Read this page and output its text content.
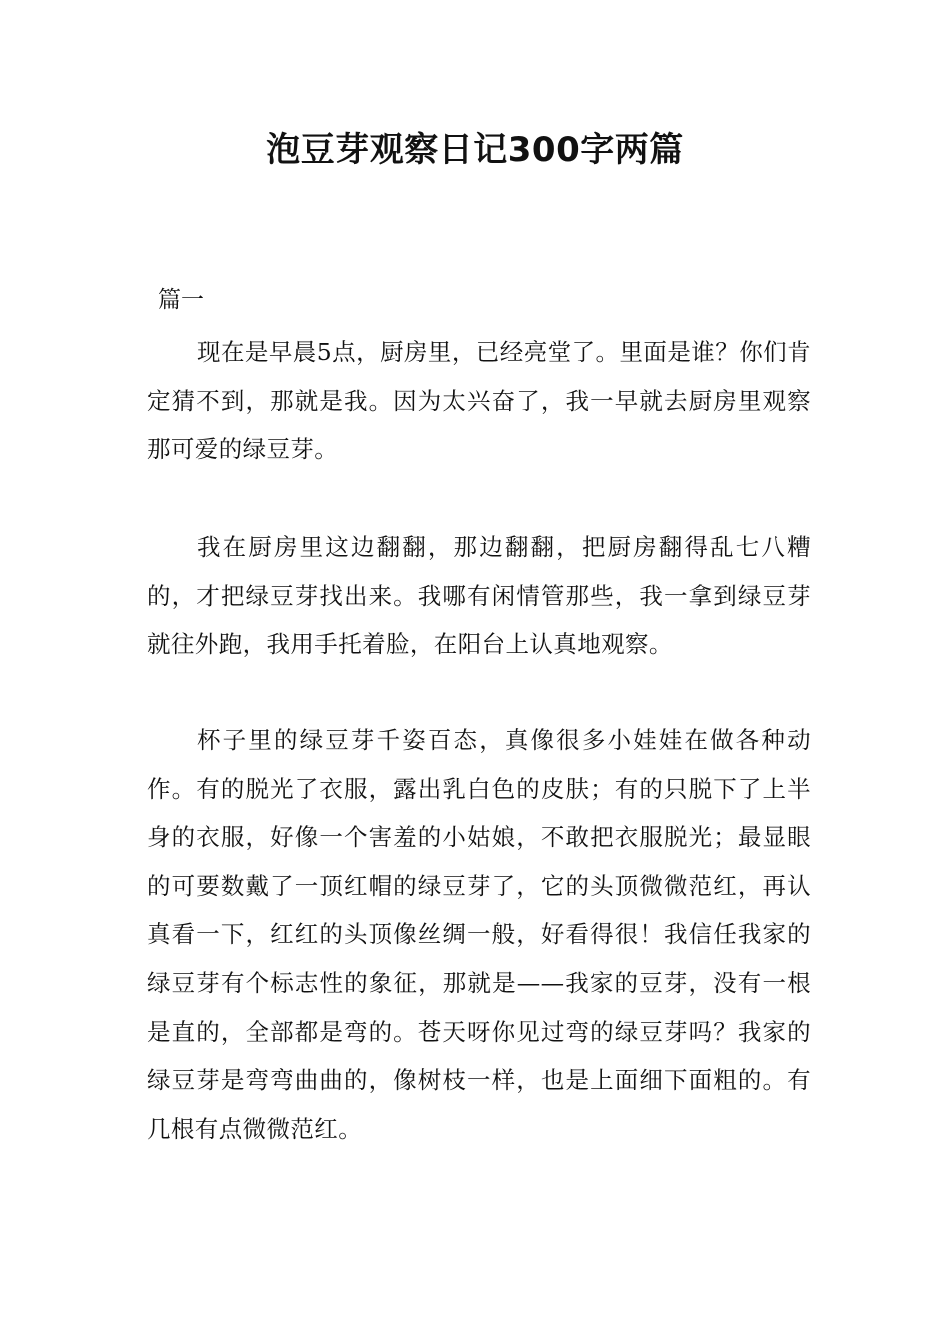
泡豆芽观察日记300字两篇

篇一

现在是早晨5点，厨房里，已经亮堂了。里面是谁？你们肯定猜不到，那就是我。因为太兴奋了，我一早就去厨房里观察那可爱的绿豆芽。

我在厨房里这边翻翻，那边翻翻，把厨房翻得乱七八糟的，才把绿豆芽找出来。我哪有闲情管那些，我一拿到绿豆芽就往外跑，我用手托着脸，在阳台上认真地观察。

杯子里的绿豆芽千姿百态，真像很多小娃娃在做各种动作。有的脱光了衣服，露出乳白色的皮肤；有的只脱下了上半身的衣服，好像一个害羞的小姑娘，不敢把衣服脱光；最显眼的可要数戴了一顶红帽的绿豆芽了，它的头顶微微范红，再认真看一下，红红的头顶像丝绸一般，好看得很！我信任我家的绿豆芽有个标志性的象征，那就是——我家的豆芽，没有一根是直的，全部都是弯的。苍天呀你见过弯的绿豆芽吗？我家的绿豆芽是弯弯曲曲的，像树枝一样，也是上面细下面粗的。有几根有点微微范红。
